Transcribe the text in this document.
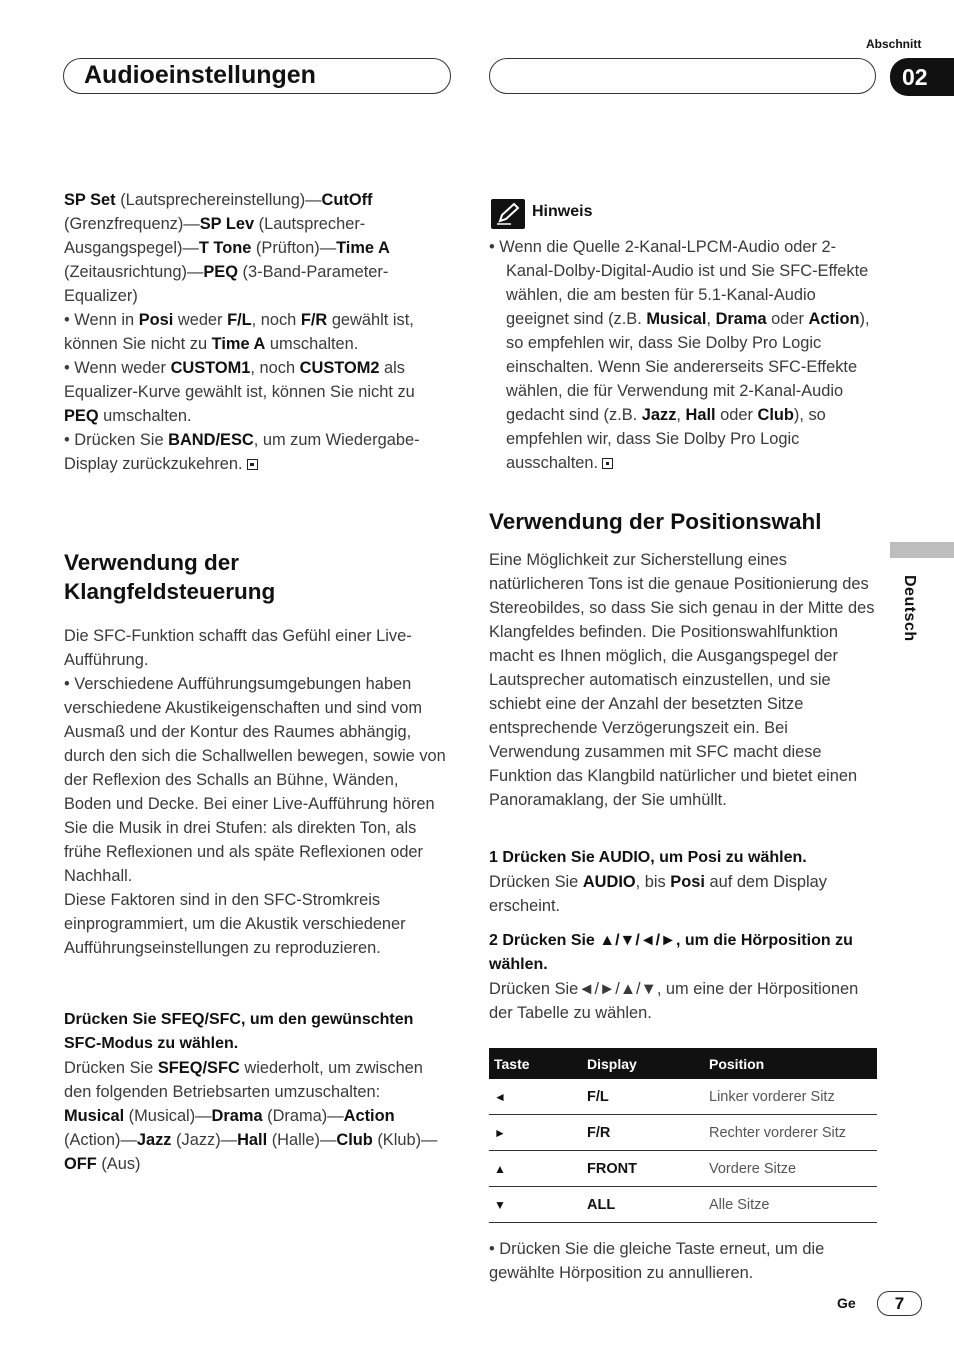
Abschnitt
Audioeinstellungen	02
Deutsch

SP Set (Lautsprechereinstellung)—CutOff (Grenzfrequenz)—SP Lev (Lautsprecher-Ausgangspegel)—T Tone (Prüfton)—Time A (Zeitausrichtung)—PEQ (3-Band-Parameter-Equalizer)

• Wenn in Posi weder F/L, noch F/R gewählt ist, können Sie nicht zu Time A umschalten.

• Wenn weder CUSTOM1, noch CUSTOM2 als Equalizer-Kurve gewählt ist, können Sie nicht zu PEQ umschalten.

• Drücken Sie BAND/ESC, um zum Wiedergabe-Display zurückzukehren.

Verwendung der Klangfeldsteuerung

Die SFC-Funktion schafft das Gefühl einer Live-Aufführung.

• Verschiedene Aufführungsumgebungen haben verschiedene Akustikeigenschaften und sind vom Ausmaß und der Kontur des Raumes abhängig, durch den sich die Schallwellen bewegen, sowie von der Reflexion des Schalls an Bühne, Wänden, Boden und Decke. Bei einer Live-Aufführung hören Sie die Musik in drei Stufen: als direkten Ton, als frühe Reflexionen und als späte Reflexionen oder Nachhall.

Diese Faktoren sind in den SFC-Stromkreis einprogrammiert, um die Akustik verschiedener Aufführungseinstellungen zu reproduzieren.

Drücken Sie SFEQ/SFC, um den gewünschten SFC-Modus zu wählen.

Drücken Sie SFEQ/SFC wiederholt, um zwischen den folgenden Betriebsarten umzuschalten:

Musical (Musical)—Drama (Drama)—Action (Action)—Jazz (Jazz)—Hall (Halle)—Club (Klub)—OFF (Aus)

Hinweis

• Wenn die Quelle 2-Kanal-LPCM-Audio oder 2-Kanal-Dolby-Digital-Audio ist und Sie SFC-Effekte wählen, die am besten für 5.1-Kanal-Audio geeignet sind (z.B. Musical, Drama oder Action), so empfehlen wir, dass Sie Dolby Pro Logic einschalten. Wenn Sie andererseits SFC-Effekte wählen, die für Verwendung mit 2-Kanal-Audio gedacht sind (z.B. Jazz, Hall oder Club), so empfehlen wir, dass Sie Dolby Pro Logic ausschalten.

Verwendung der Positionswahl

Eine Möglichkeit zur Sicherstellung eines natürlicheren Tons ist die genaue Positionierung des Stereobildes, so dass Sie sich genau in der Mitte des Klangfeldes befinden. Die Positionswahlfunktion macht es Ihnen möglich, die Ausgangspegel der Lautsprecher automatisch einzustellen, und sie schiebt eine der Anzahl der besetzten Sitze entsprechende Verzögerungszeit ein. Bei Verwendung zusammen mit SFC macht diese Funktion das Klangbild natürlicher und bietet einen Panoramaklang, der Sie umhüllt.

1 Drücken Sie AUDIO, um Posi zu wählen.

Drücken Sie AUDIO, bis Posi auf dem Display erscheint.

2 Drücken Sie ▲/▼/◄/►, um die Hörposition zu wählen.

Drücken Sie◄/►/▲/▼, um eine der Hörpositionen der Tabelle zu wählen.

Taste	Display	Position
◄	F/L	Linker vorderer Sitz
►	F/R	Rechter vorderer Sitz
▲	FRONT	Vordere Sitze
▼	ALL	Alle Sitze

• Drücken Sie die gleiche Taste erneut, um die gewählte Hörposition zu annullieren.

Ge	7
